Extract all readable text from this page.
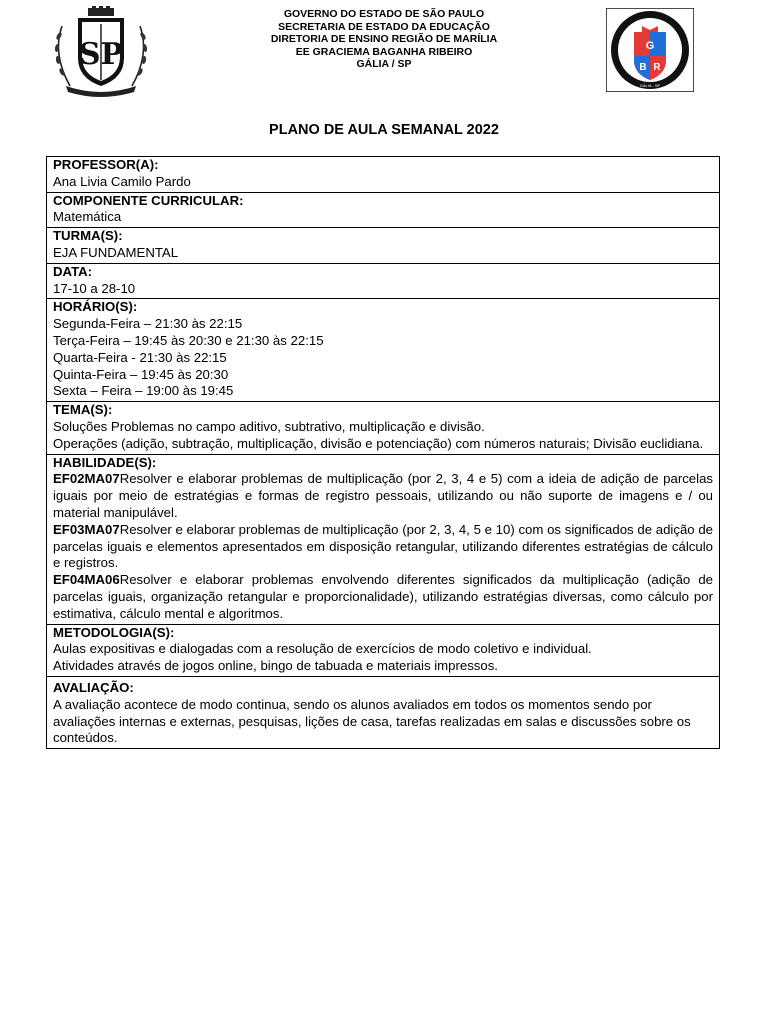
SP
GOVERNO DO ESTADO DE SÃO PAULO
SECRETARIA DE ESTADO DA EDUCAÇÃO
DIRETORIA DE ENSINO REGIÃO DE MARÍLIA
EE GRACIEMA BAGANHA RIBEIRO
GÁLIA / SP
G
B R
GÁLIA - SP
PLANO DE AULA SEMANAL 2022
PROFESSOR(A):
Ana Livia Camilo Pardo
COMPONENTE CURRICULAR:
Matemática
TURMA(S):
EJA FUNDAMENTAL
DATA:
17-10 a 28-10
HORÁRIO(S):
Segunda-Feira – 21:30 às 22:15
Terça-Feira – 19:45 às 20:30 e 21:30 às 22:15
Quarta-Feira - 21:30 às 22:15
Quinta-Feira – 19:45 às 20:30
Sexta – Feira – 19:00 às 19:45
TEMA(S):
Soluções Problemas no campo aditivo, subtrativo, multiplicação e divisão.
Operações (adição, subtração, multiplicação, divisão e potenciação) com números naturais; Divisão euclidiana.
HABILIDADE(S):
EF02MA07Resolver e elaborar problemas de multiplicação (por 2, 3, 4 e 5) com a ideia de adição de parcelas iguais por meio de estratégias e formas de registro pessoais, utilizando ou não suporte de imagens e / ou material manipulável.
EF03MA07Resolver e elaborar problemas de multiplicação (por 2, 3, 4, 5 e 10) com os significados de adição de parcelas iguais e elementos apresentados em disposição retangular, utilizando diferentes estratégias de cálculo e registros.
EF04MA06Resolver e elaborar problemas envolvendo diferentes significados da multiplicação (adição de parcelas iguais, organização retangular e proporcionalidade), utilizando estratégias diversas, como cálculo por estimativa, cálculo mental e algoritmos.
METODOLOGIA(S):
Aulas expositivas e dialogadas com a resolução de exercícios de modo coletivo e individual.
Atividades através de jogos online, bingo de tabuada e materiais impressos.
AVALIAÇÃO:
A avaliação acontece de modo continua, sendo os alunos avaliados em todos os momentos sendo por avaliações internas e externas, pesquisas, lições de casa, tarefas realizadas em salas e discussões sobre os conteúdos.
